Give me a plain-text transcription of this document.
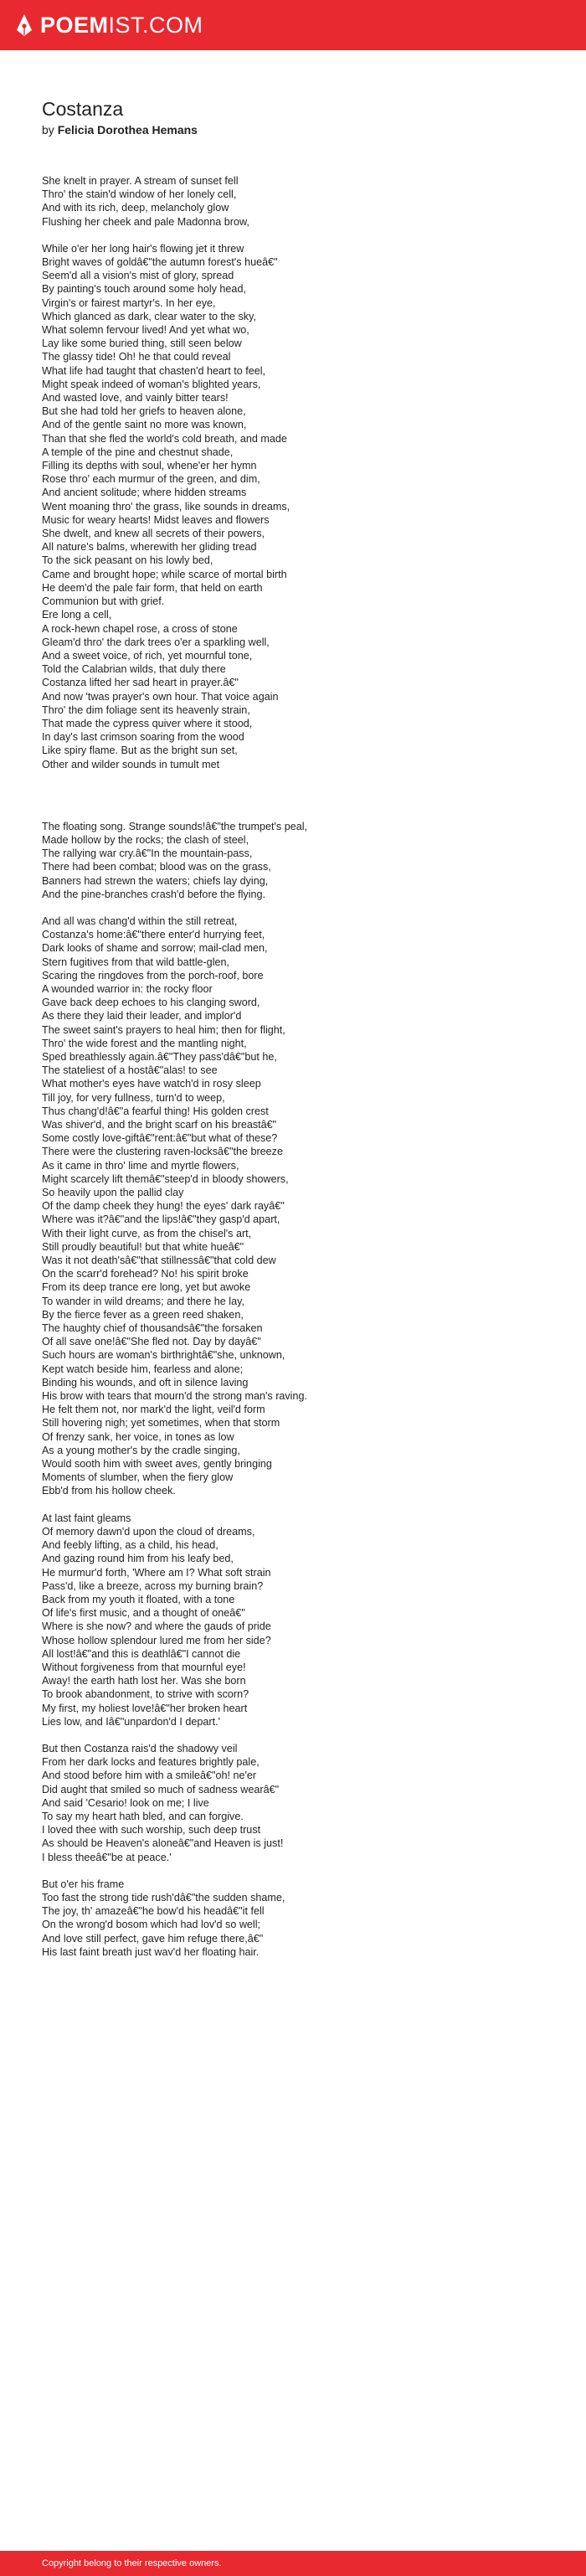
POEMIST.COM
Costanza

by Felicia Dorothea Hemans

She knelt in prayer. A stream of sunset fell
Thro' the stain'd window of her lonely cell,
And with its rich, deep, melancholy glow
Flushing her cheek and pale Madonna brow,

While o'er her long hair's flowing jet it threw
Bright waves of goldâ€"the autumn forest's hueâ€"
Seem'd all a vision's mist of glory, spread
By painting's touch around some holy head,
Virgin's or fairest martyr's. In her eye,
Which glanced as dark, clear water to the sky,
What solemn fervour lived! And yet what wo,
Lay like some buried thing, still seen below
The glassy tide! Oh! he that could reveal
What life had taught that chasten'd heart to feel,
Might speak indeed of woman's blighted years,
And wasted love, and vainly bitter tears!
But she had told her griefs to heaven alone,
And of the gentle saint no more was known,
Than that she fled the world's cold breath, and made
A temple of the pine and chestnut shade,
Filling its depths with soul, whene'er her hymn
Rose thro' each murmur of the green, and dim,
And ancient solitude; where hidden streams
Went moaning thro' the grass, like sounds in dreams,
Music for weary hearts! Midst leaves and flowers
She dwelt, and knew all secrets of their powers,
All nature's balms, wherewith her gliding tread
To the sick peasant on his lowly bed,
Came and brought hope; while scarce of mortal birth
He deem'd the pale fair form, that held on earth
Communion but with grief.
Ere long a cell,
A rock-hewn chapel rose, a cross of stone
Gleam'd thro' the dark trees o'er a sparkling well,
And a sweet voice, of rich, yet mournful tone,
Told the Calabrian wilds, that duly there
Costanza lifted her sad heart in prayer.â€"
And now 'twas prayer's own hour. That voice again
Thro' the dim foliage sent its heavenly strain,
That made the cypress quiver where it stood,
In day's last crimson soaring from the wood
Like spiry flame. But as the bright sun set,
Other and wilder sounds in tumult met

The floating song. Strange sounds!â€"the trumpet's peal,
Made hollow by the rocks; the clash of steel,
The rallying war cry.â€"In the mountain-pass,
There had been combat; blood was on the grass,
Banners had strewn the waters; chiefs lay dying,
And the pine-branches crash'd before the flying.

And all was chang'd within the still retreat,
Costanza's home:â€"there enter'd hurrying feet,
Dark looks of shame and sorrow; mail-clad men,
Stern fugitives from that wild battle-glen,
Scaring the ringdoves from the porch-roof, bore
A wounded warrior in: the rocky floor
Gave back deep echoes to his clanging sword,
As there they laid their leader, and implor'd
The sweet saint's prayers to heal him; then for flight,
Thro' the wide forest and the mantling night,
Sped breathlessly again.â€"They pass'dâ€"but he,
The stateliest of a hostâ€"alas! to see
What mother's eyes have watch'd in rosy sleep
Till joy, for very fullness, turn'd to weep,
Thus chang'd!â€"a fearful thing! His golden crest
Was shiver'd, and the bright scarf on his breastâ€"
Some costly love-giftâ€"rent:â€"but what of these?
There were the clustering raven-locksâ€"the breeze
As it came in thro' lime and myrtle flowers,
Might scarcely lift themâ€"steep'd in bloody showers,
So heavily upon the pallid clay
Of the damp cheek they hung! the eyes' dark rayâ€"
Where was it?â€"and the lips!â€"they gasp'd apart,
With their light curve, as from the chisel's art,
Still proudly beautiful! but that white hueâ€"
Was it not death'sâ€"that stillnessâ€"that cold dew
On the scarr'd forehead? No! his spirit broke
From its deep trance ere long, yet but awoke
To wander in wild dreams; and there he lay,
By the fierce fever as a green reed shaken,
The haughty chief of thousandsâ€"the forsaken
Of all save one!â€"She fled not. Day by dayâ€"
Such hours are woman's birthrightâ€"she, unknown,
Kept watch beside him, fearless and alone;
Binding his wounds, and oft in silence laving
His brow with tears that mourn'd the strong man's raving.
He felt them not, nor mark'd the light, veil'd form
Still hovering nigh; yet sometimes, when that storm
Of frenzy sank, her voice, in tones as low
As a young mother's by the cradle singing,
Would sooth him with sweet aves, gently bringing
Moments of slumber, when the fiery glow
Ebb'd from his hollow cheek.

At last faint gleams
Of memory dawn'd upon the cloud of dreams,
And feebly lifting, as a child, his head,
And gazing round him from his leafy bed,
He murmur'd forth, 'Where am I? What soft strain
Pass'd, like a breeze, across my burning brain?
Back from my youth it floated, with a tone
Of life's first music, and a thought of oneâ€"
Where is she now? and where the gauds of pride
Whose hollow splendour lured me from her side?
All lost!â€"and this is deathlâ€"I cannot die
Without forgiveness from that mournful eye!
Away! the earth hath lost her. Was she born
To brook abandonment, to strive with scorn?
My first, my holiest love!â€"her broken heart
Lies low, and Iâ€"unpardon'd I depart.'

But then Costanza rais'd the shadowy veil
From her dark locks and features brightly pale,
And stood before him with a smileâ€"oh! ne'er
Did aught that smiled so much of sadness wearâ€"
And said 'Cesario! look on me; I live
To say my heart hath bled, and can forgive.
I loved thee with such worship, such deep trust
As should be Heaven's aloneâ€"and Heaven is just!
I bless theeâ€"be at peace.'

But o'er his frame
Too fast the strong tide rush'dâ€"the sudden shame,
The joy, th' amazeâ€"he bow'd his headâ€"it fell
On the wrong'd bosom which had lov'd so well;
And love still perfect, gave him refuge there,â€"
His last faint breath just wav'd her floating hair.

Copyright belong to their respective owners.
